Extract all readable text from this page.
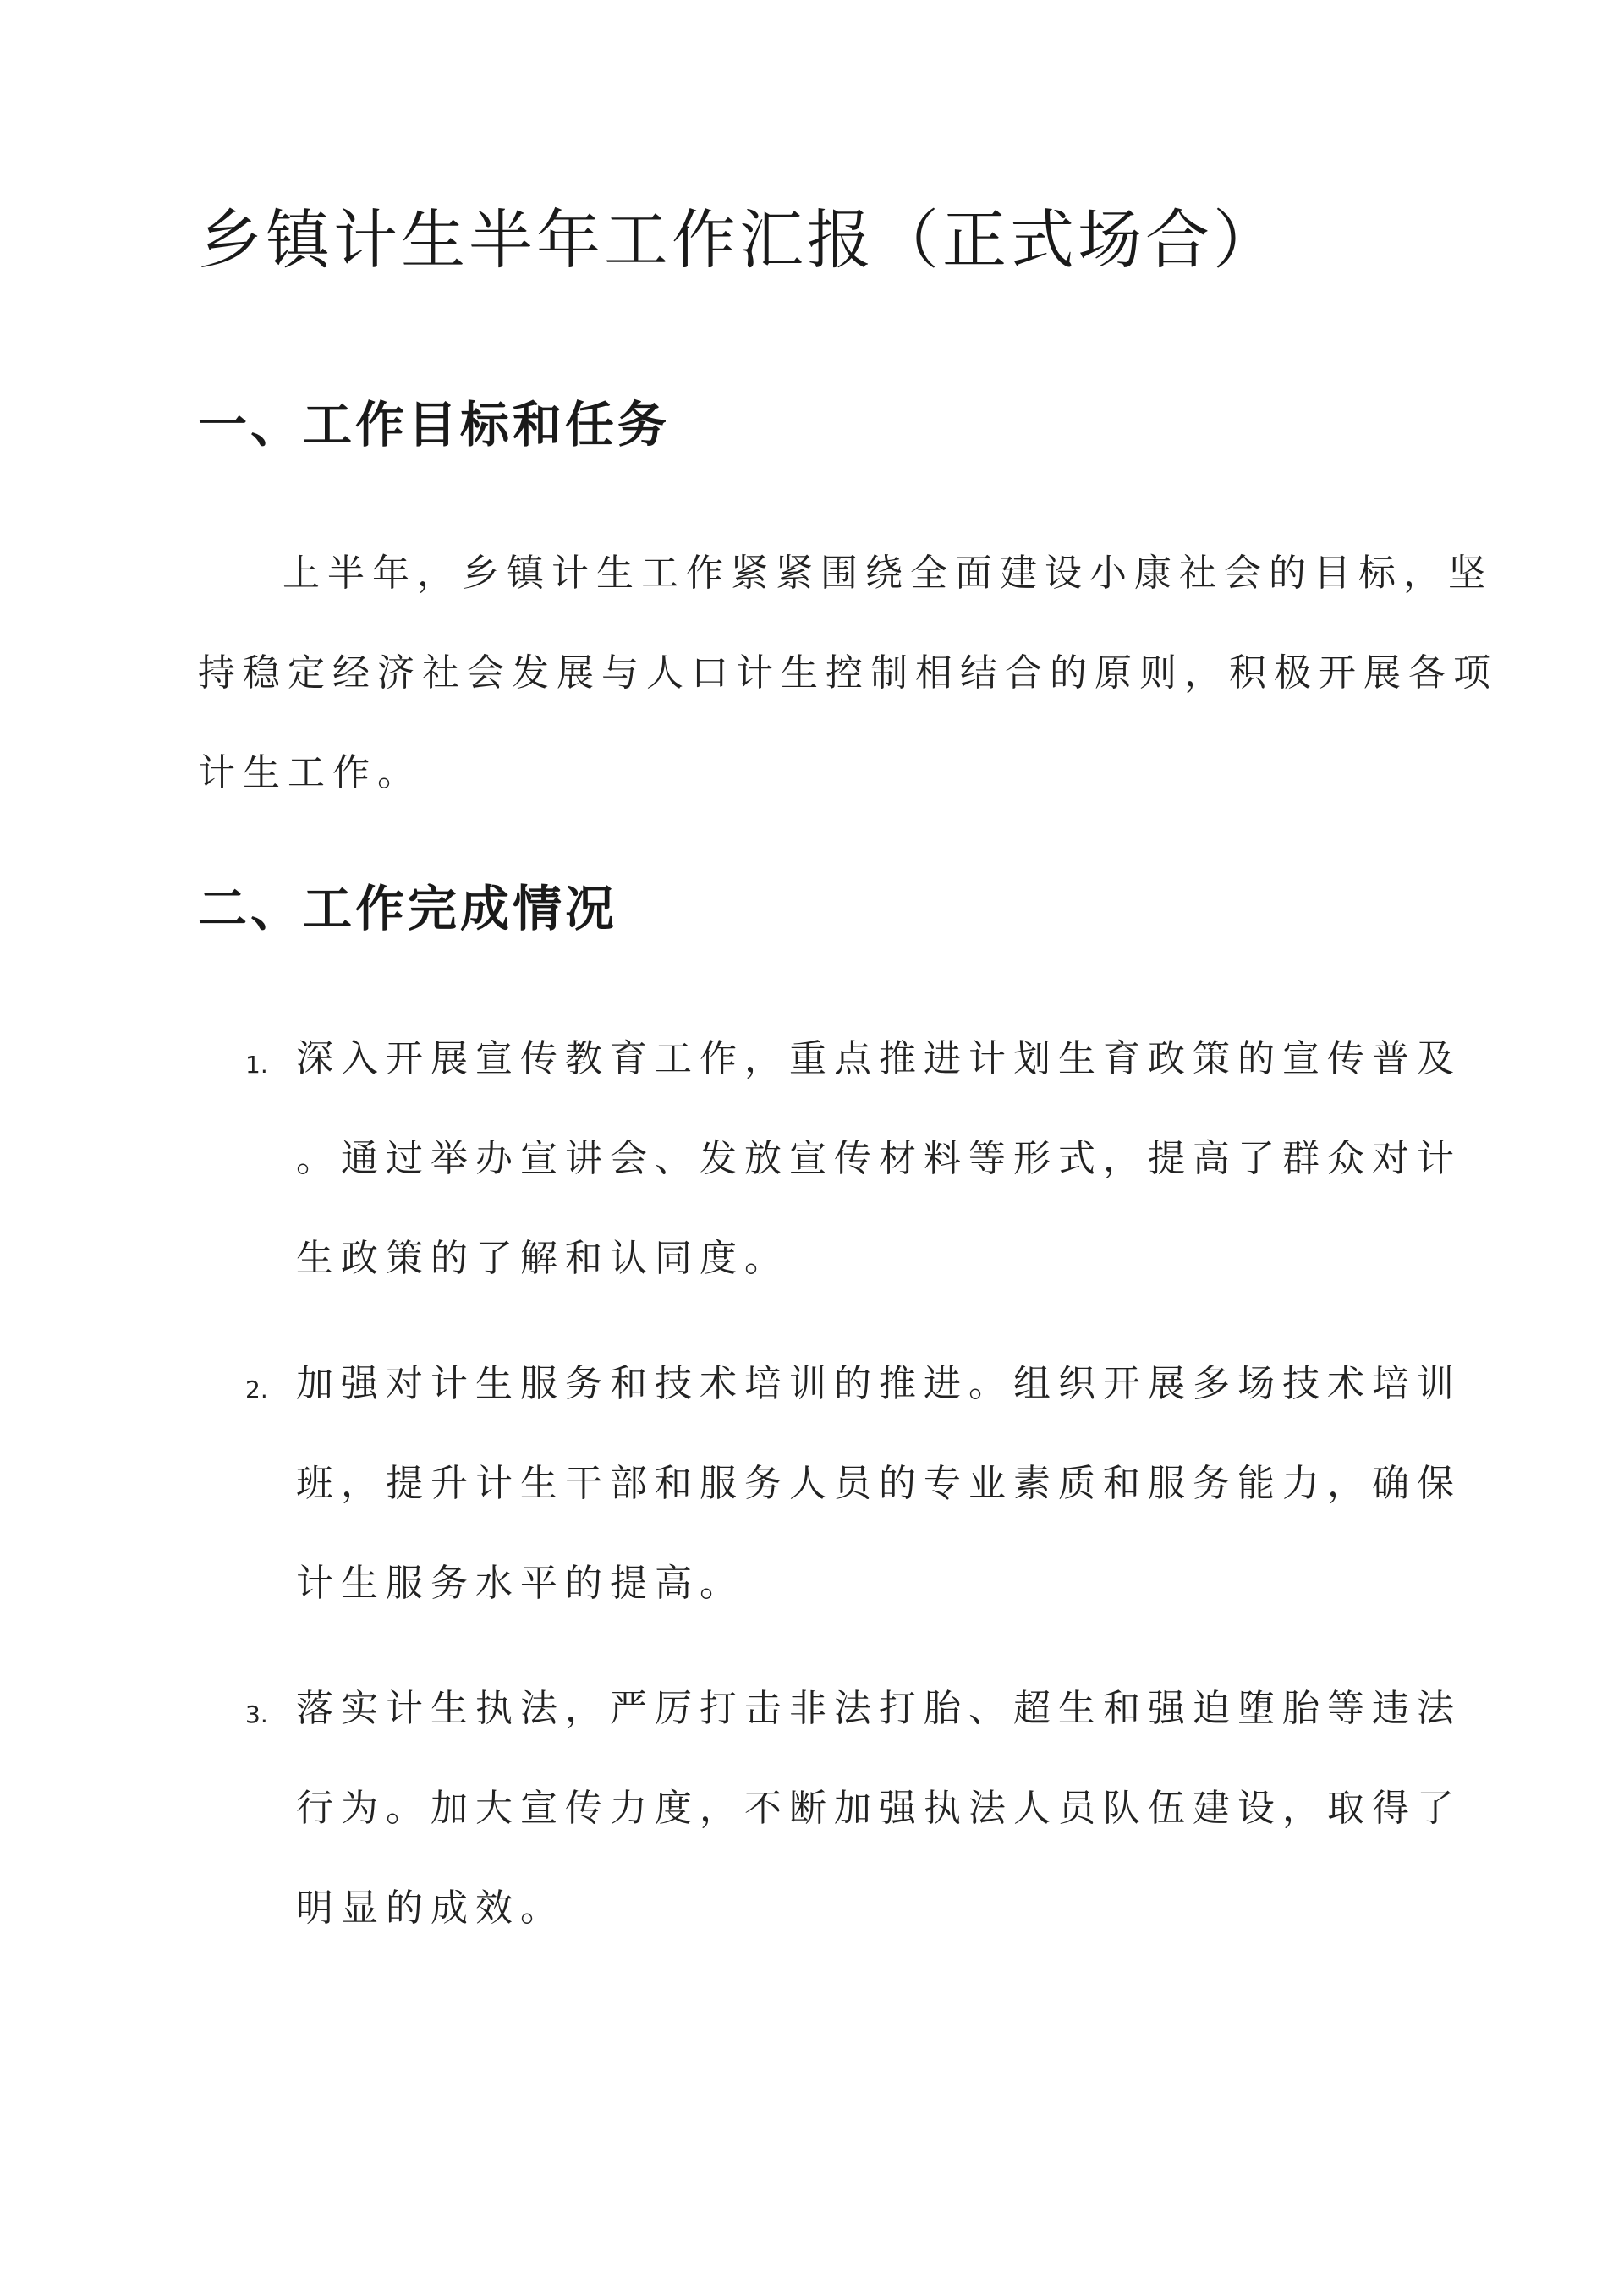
乡镇计生半年工作汇报（正式场合）
一、工作目标和任务

上半年，乡镇计生工作紧紧围绕全面建设小康社会的目标，坚

持稳定经济社会发展与人口计生控制相结合的原则，积极开展各项

计生工作。

二、工作完成情况
1. 深入开展宣传教育工作，重点推进计划生育政策的宣传普及

。通过举办宣讲会、发放宣传材料等形式，提高了群众对计

生政策的了解和认同度。

2. 加强对计生服务和技术培训的推进。组织开展多场技术培训

班，提升计生干部和服务人员的专业素质和服务能力，确保

计生服务水平的提高。

3. 落实计生执法，严厉打击非法打胎、超生和强迫堕胎等违法

行为。加大宣传力度，不断加强执法人员队伍建设，取得了

明显的成效。
